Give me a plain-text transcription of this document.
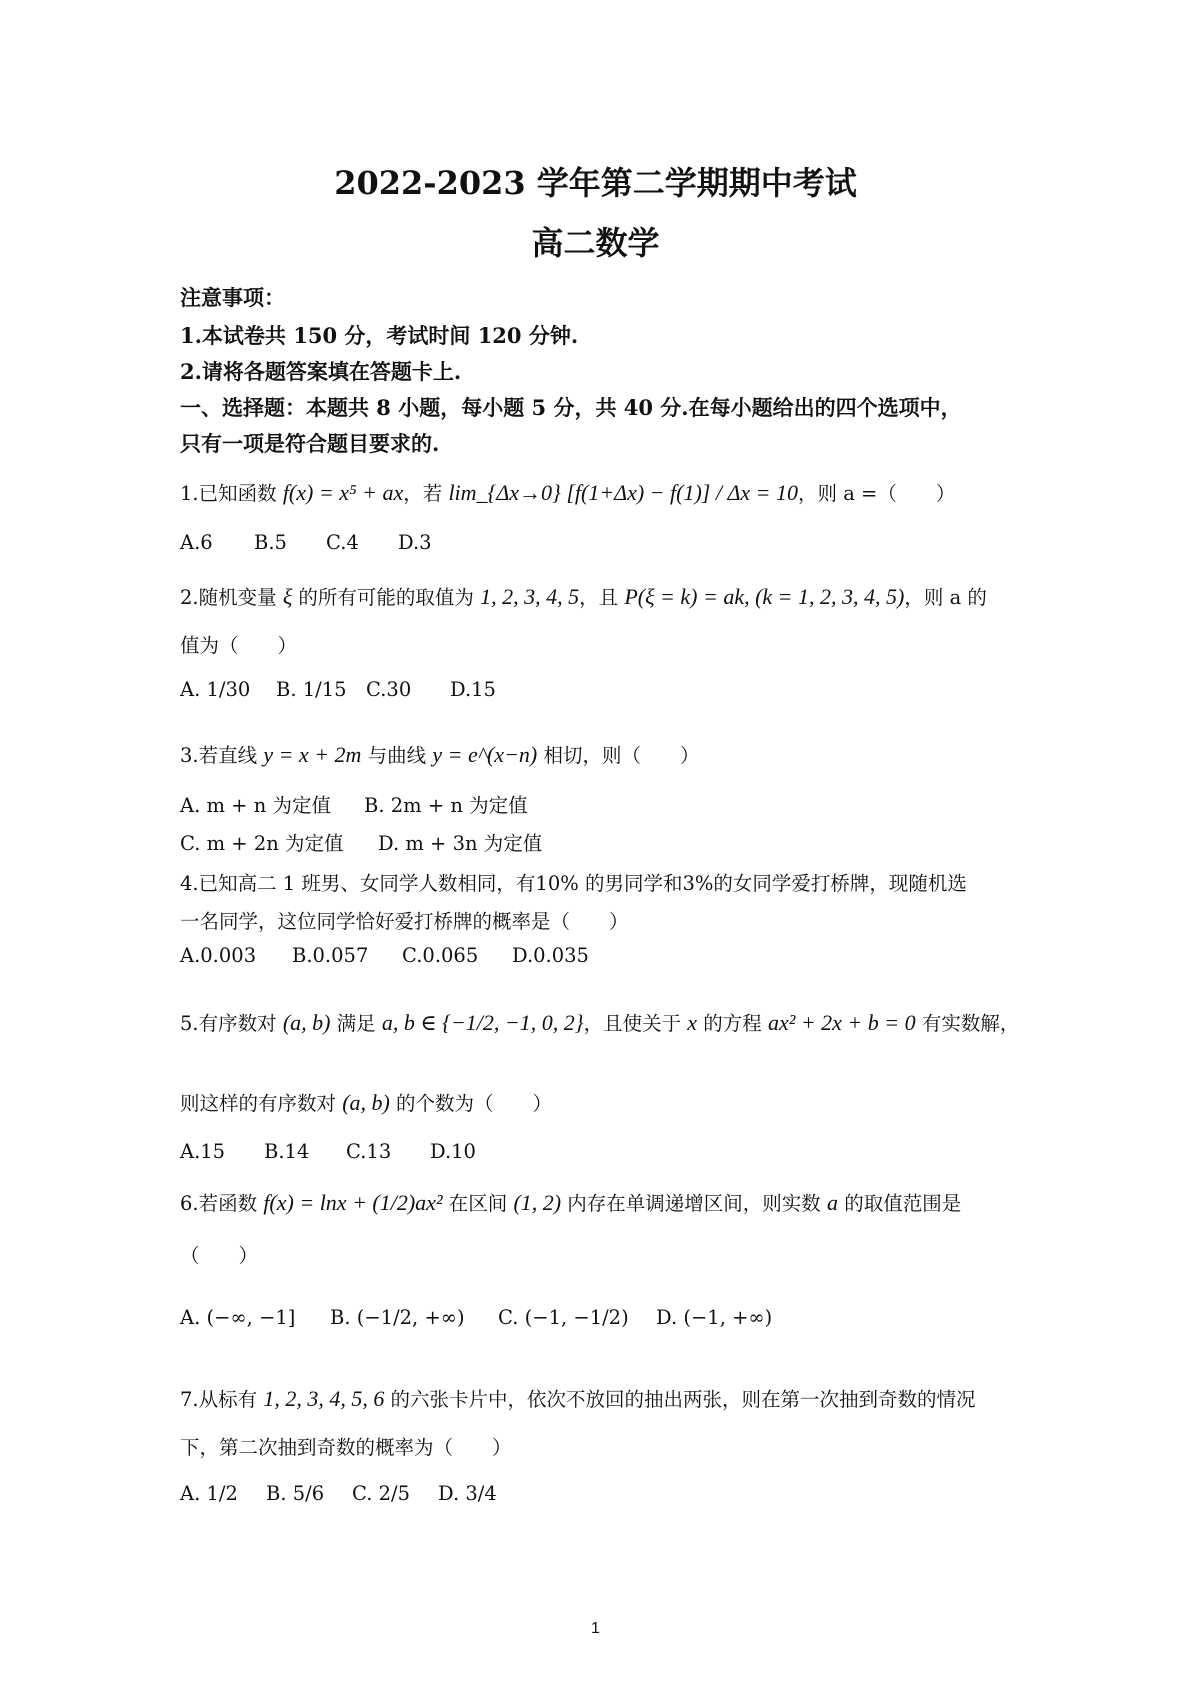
2022-2023 学年第二学期期中考试
高二数学
注意事项：
1.本试卷共 150 分，考试时间 120 分钟.
2.请将各题答案填在答题卡上.
一、选择题：本题共 8 小题，每小题 5 分，共 40 分.在每小题给出的四个选项中，
只有一项是符合题目要求的.
1.已知函数 f(x) = x⁵ + ax，若 lim_{Δx→0} [f(1+Δx) − f(1)] / Δx = 10，则 a =（　　）
A.6 B.5 C.4 D.3
2.随机变量 ξ 的所有可能的取值为 1, 2, 3, 4, 5，且 P(ξ = k) = ak, (k = 1, 2, 3, 4, 5)，则 a 的
值为（　　）
A. 1/30 B. 1/15 C.30 D.15
3.若直线 y = x + 2m 与曲线 y = e^(x−n) 相切，则（　　）
A. m + n 为定值 B. 2m + n 为定值
C. m + 2n 为定值 D. m + 3n 为定值
4.已知高二 1 班男、女同学人数相同，有10% 的男同学和3%的女同学爱打桥牌，现随机选
一名同学，这位同学恰好爱打桥牌的概率是（　　）
A.0.003 B.0.057 C.0.065 D.0.035
5.有序数对 (a, b) 满足 a, b ∈ {−1/2, −1, 0, 2}，且使关于 x 的方程 ax² + 2x + b = 0 有实数解，
则这样的有序数对 (a, b) 的个数为（　　）
A.15 B.14 C.13 D.10
6.若函数 f(x) = lnx + (1/2)ax² 在区间 (1, 2) 内存在单调递增区间，则实数 a 的取值范围是
（　　）
A. (−∞, −1] B. (−1/2, +∞) C. (−1, −1/2) D. (−1, +∞)
7.从标有 1, 2, 3, 4, 5, 6 的六张卡片中，依次不放回的抽出两张，则在第一次抽到奇数的情况
下，第二次抽到奇数的概率为（　　）
A. 1/2 B. 5/6 C. 2/5 D. 3/4
1
